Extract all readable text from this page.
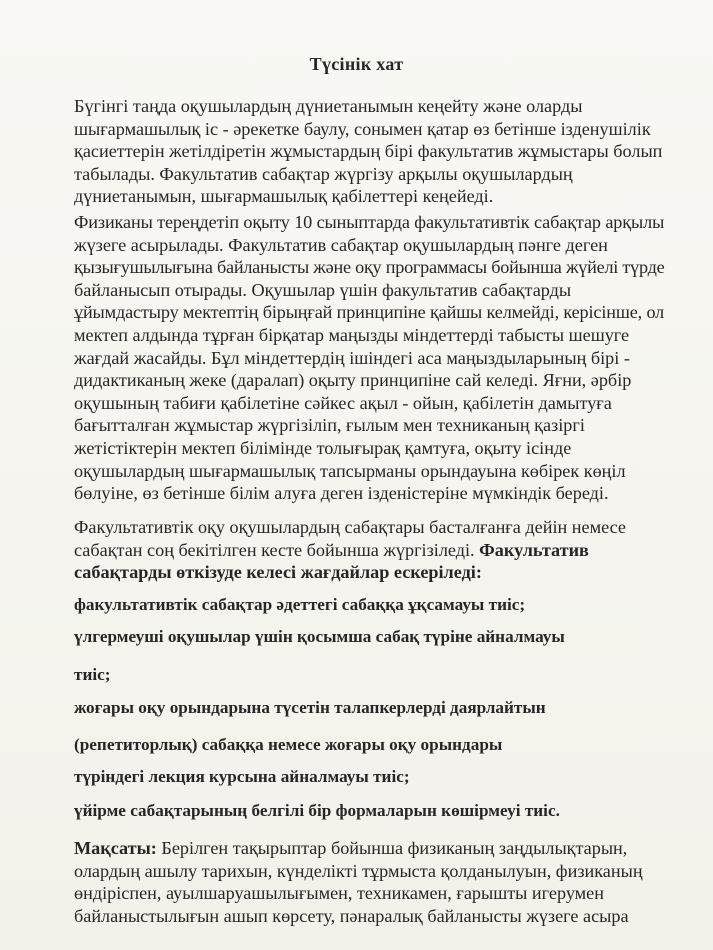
Түсінік хат

Бүгінгі таңда оқушылардың дүниетанымын кеңейту және оларды
шығармашылық іс - әрекетке баулу, сонымен қатар өз бетінше ізденушілік
қасиеттерін жетілдіретін жұмыстардың бірі факультатив жұмыстары болып
табылады. Факультатив сабақтар жүргізу арқылы оқушылардың
дүниетанымын, шығармашылық қабілеттері кеңейеді.

Физиканы тереңдетіп оқыту 10 сыныптарда факультативтік сабақтар арқылы
жүзеге асырылады. Факультатив сабақтар оқушылардың пәнге деген
қызығушылығына байланысты және оқу программасы бойынша жүйелі түрде
байланысып отырады. Оқушылар үшін факультатив сабақтарды
ұйымдастыру мектептің бірыңғай принципіне қайшы келмейді, керісінше, ол
мектеп алдында тұрған бірқатар маңызды міндеттерді табысты шешуге
жағдай жасайды. Бұл міндеттердің ішіндегі аса маңыздыларының бірі -
дидактиканың жеке (даралап) оқыту принципіне сай келеді. Яғни, әрбір
оқушының табиғи қабілетіне сәйкес ақыл - ойын, қабілетін дамытуға
бағытталған жұмыстар жүргізіліп, ғылым мен техниканың қазіргі
жетістіктерін мектеп білімінде толығырақ қамтуға, оқыту ісінде
оқушылардың шығармашылық тапсырманы орындауына көбірек көңіл
бөлуіне, өз бетінше білім алуға деген ізденістеріне мүмкіндік береді.

Факультативтік оқу оқушылардың сабақтары басталғанға дейін немесе
сабақтан соң бекітілген кесте бойынша жүргізіледі. Факультатив
сабақтарды өткізуде келесі жағдайлар ескеріледі:

факультативтік сабақтар әдеттегі сабаққа ұқсамауы тиіс;
үлгермеуші оқушылар үшін қосымша сабақ түріне айналмауы
тиіс;
жоғары оқу орындарына түсетін талапкерлерді даярлайтын
(репетиторлық) сабаққа немесе жоғары оқу орындары
түріндегі лекция курсына айналмауы тиіс;
үйірме сабақтарының белгілі бір формаларын көшірмеуі тиіс.

Мақсаты: Берілген тақырыптар бойынша физиканың заңдылықтарын,
олардың ашылу тарихын, күнделікті тұрмыста қолданылуын, физиканың
өндіріспен, ауылшаруашылығымен, техникамен, ғарышты игерумен
байланыстылығын ашып көрсету, пәнаралық байланысты жүзеге асыра
